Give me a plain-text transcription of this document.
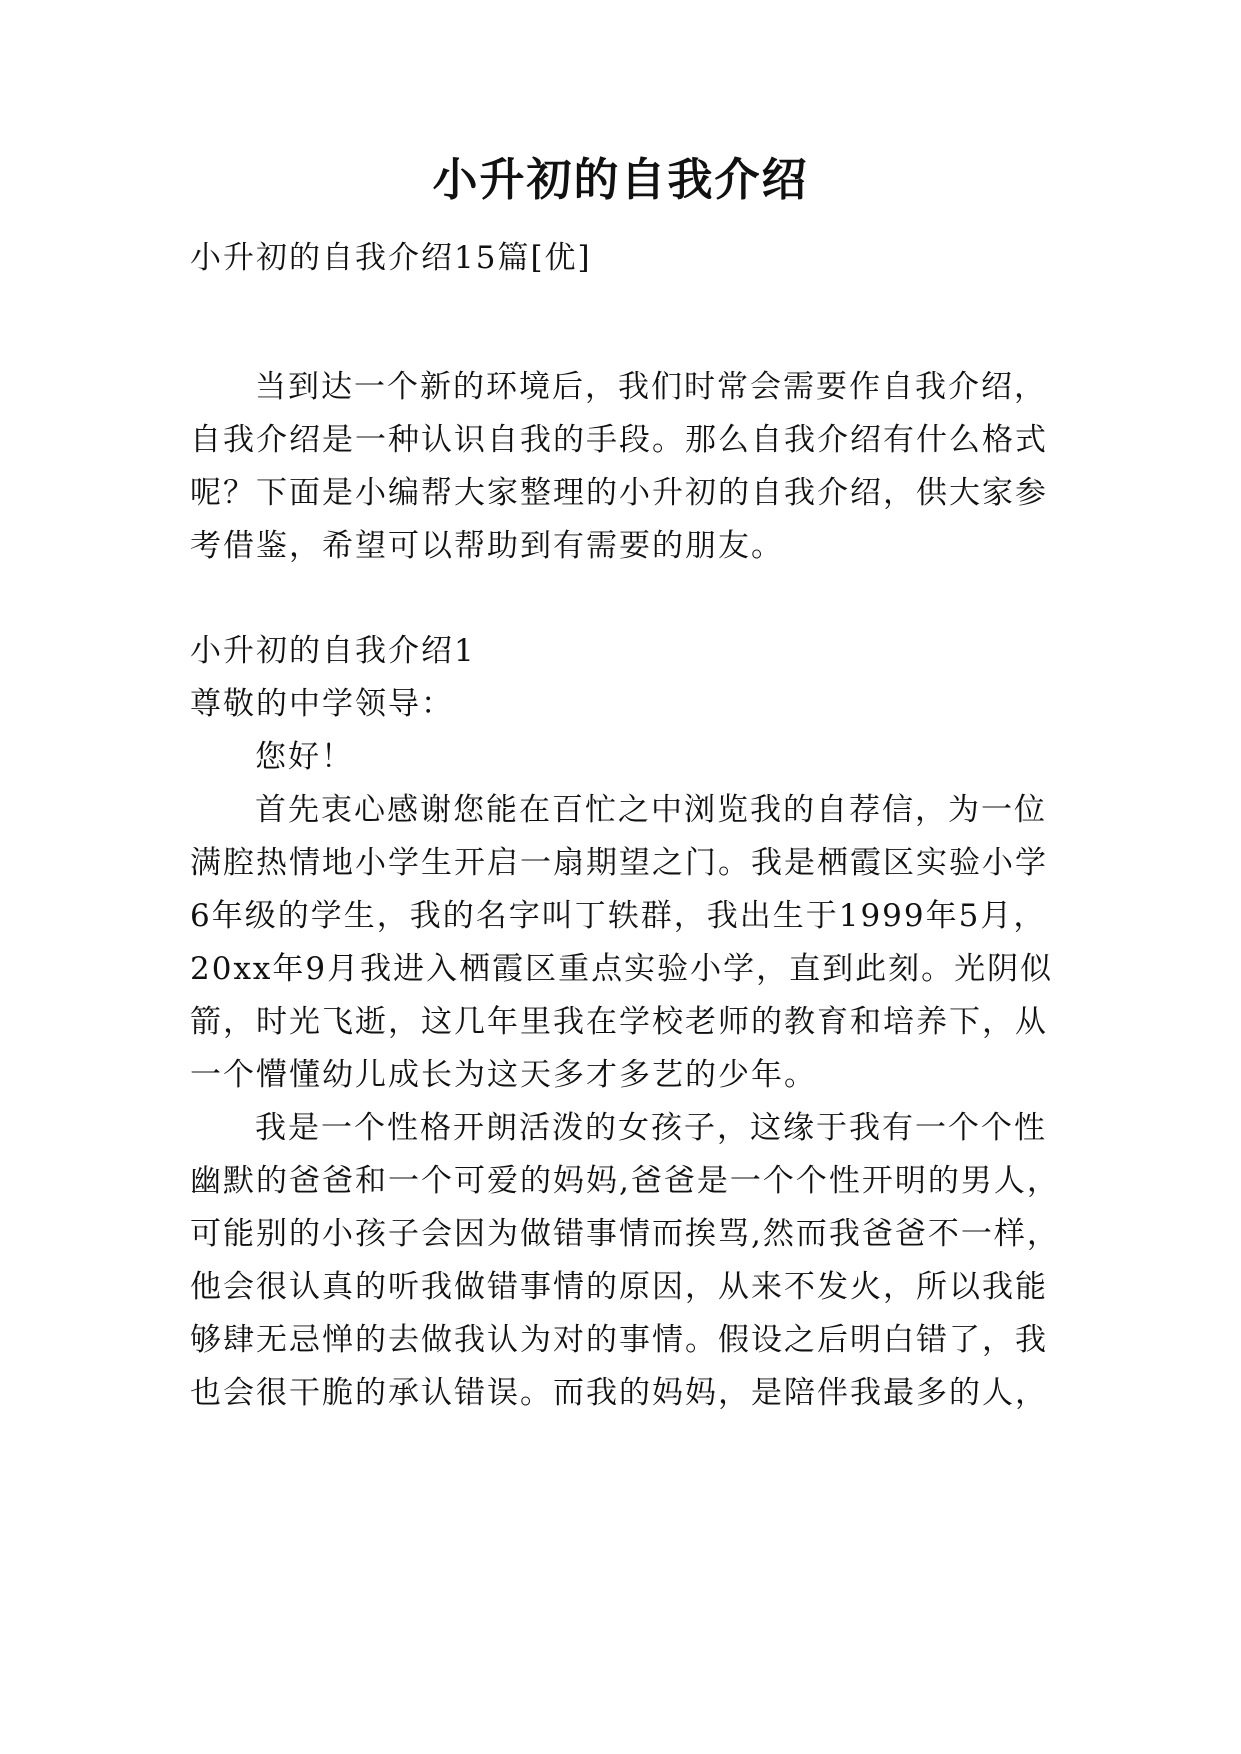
小升初的自我介绍
小升初的自我介绍15篇[优]
当到达一个新的环境后，我们时常会需要作自我介绍，
自我介绍是一种认识自我的手段。那么自我介绍有什么格式
呢？下面是小编帮大家整理的小升初的自我介绍，供大家参
考借鉴，希望可以帮助到有需要的朋友。
小升初的自我介绍1
尊敬的中学领导：
您好！
首先衷心感谢您能在百忙之中浏览我的自荐信，为一位
满腔热情地小学生开启一扇期望之门。我是栖霞区实验小学
6年级的学生，我的名字叫丁轶群，我出生于1999年5月，
20xx年9月我进入栖霞区重点实验小学，直到此刻。光阴似
箭，时光飞逝，这几年里我在学校老师的教育和培养下，从
一个懵懂幼儿成长为这天多才多艺的少年。
我是一个性格开朗活泼的女孩子，这缘于我有一个个性
幽默的爸爸和一个可爱的妈妈,爸爸是一个个性开明的男人，
可能别的小孩子会因为做错事情而挨骂,然而我爸爸不一样，
他会很认真的听我做错事情的原因，从来不发火，所以我能
够肆无忌惮的去做我认为对的事情。假设之后明白错了，我
也会很干脆的承认错误。而我的妈妈，是陪伴我最多的人，
